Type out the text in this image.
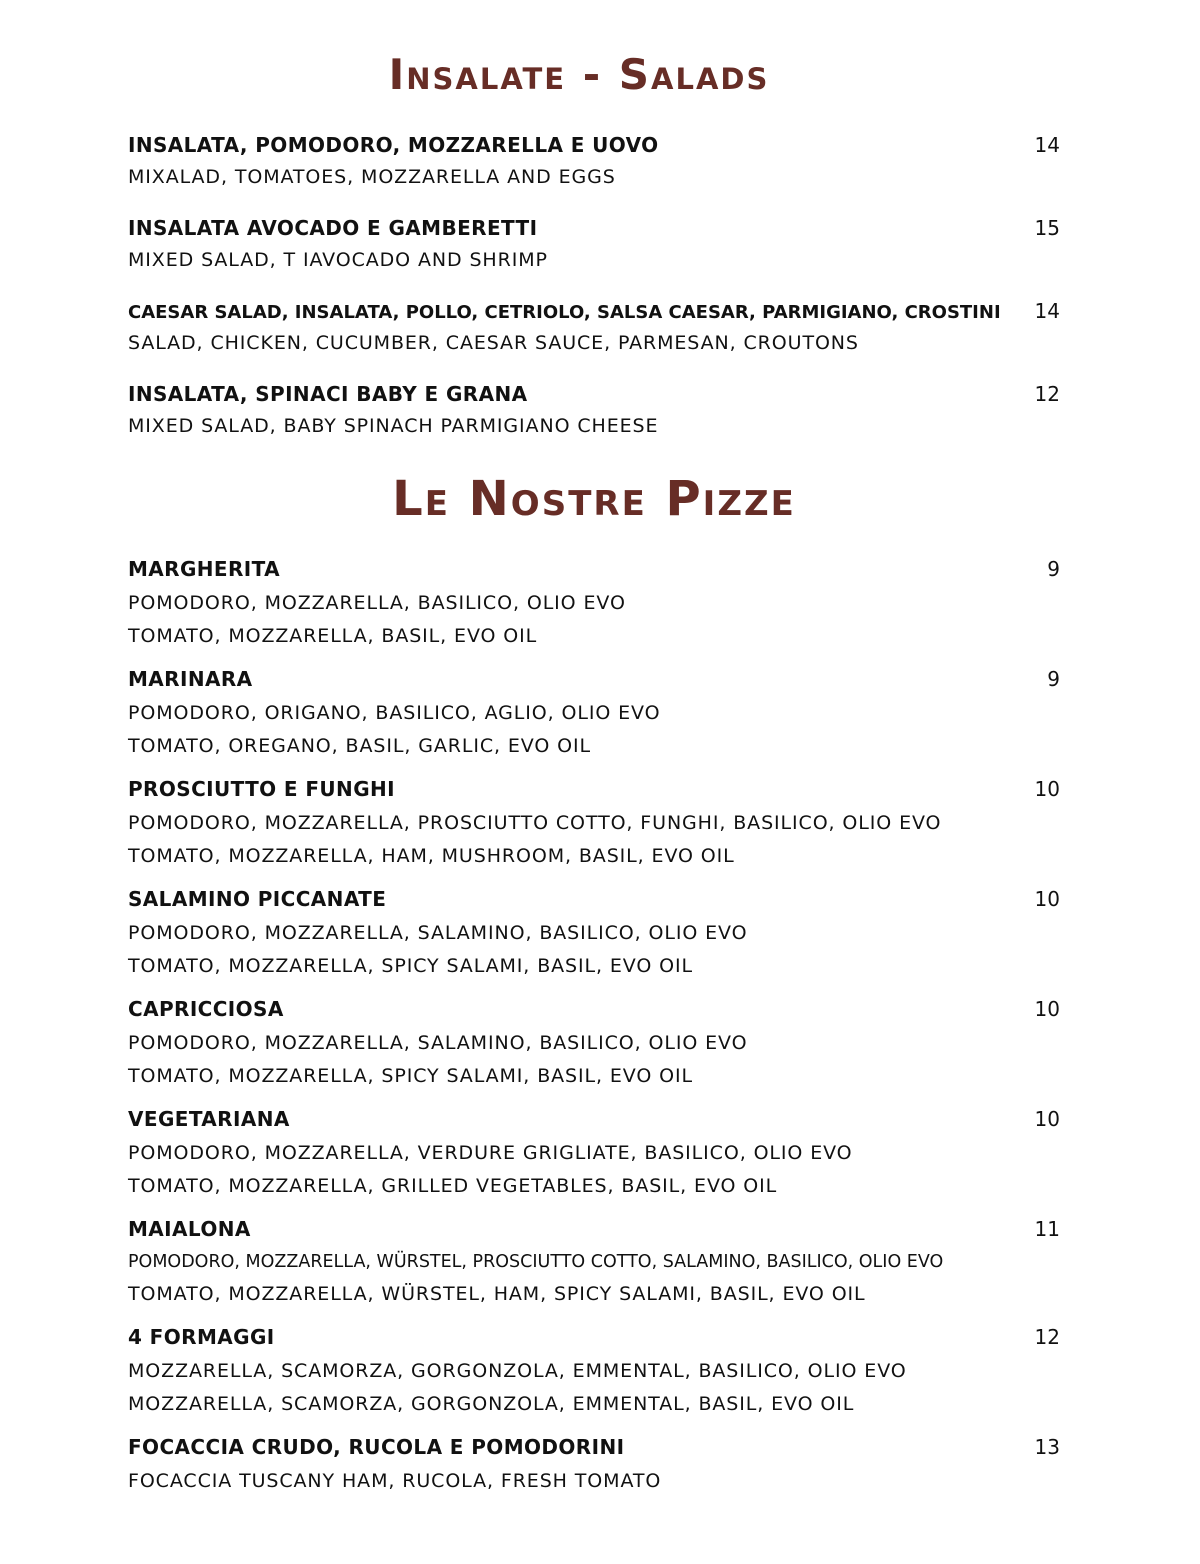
Insalate - Salads
INSALATA, POMODORO, MOZZARELLA E UOVO	14
MIXALAD, TOMATOES, MOZZARELLA AND EGGS
INSALATA AVOCADO E GAMBERETTI	15
MIXED SALAD, T IAVOCADO AND SHRIMP
CAESAR SALAD, INSALATA, POLLO, CETRIOLO, SALSA CAESAR, PARMIGIANO, CROSTINI	14
SALAD, CHICKEN, CUCUMBER, CAESAR SAUCE, PARMESAN, CROUTONS
INSALATA, SPINACI BABY E GRANA	12
MIXED SALAD, BABY SPINACH PARMIGIANO CHEESE
Le Nostre Pizze
MARGHERITA	9
POMODORO, MOZZARELLA, BASILICO, OLIO EVO
TOMATO, MOZZARELLA, BASIL, EVO OIL
MARINARA	9
POMODORO, ORIGANO, BASILICO, AGLIO, OLIO EVO
TOMATO, OREGANO, BASIL, GARLIC, EVO OIL
PROSCIUTTO E FUNGHI	10
POMODORO, MOZZARELLA, PROSCIUTTO COTTO, FUNGHI, BASILICO, OLIO EVO
TOMATO, MOZZARELLA, HAM, MUSHROOM, BASIL, EVO OIL
SALAMINO PICCANATE	10
POMODORO, MOZZARELLA, SALAMINO, BASILICO, OLIO EVO
TOMATO, MOZZARELLA, SPICY SALAMI, BASIL, EVO OIL
CAPRICCIOSA	10
POMODORO, MOZZARELLA, SALAMINO, BASILICO, OLIO EVO
TOMATO, MOZZARELLA, SPICY SALAMI, BASIL, EVO OIL
VEGETARIANA	10
POMODORO, MOZZARELLA, VERDURE GRIGLIATE, BASILICO, OLIO EVO
TOMATO, MOZZARELLA, GRILLED VEGETABLES, BASIL, EVO OIL
MAIALONA	11
POMODORO, MOZZARELLA, WÜRSTEL, PROSCIUTTO COTTO, SALAMINO, BASILICO, OLIO EVO
TOMATO, MOZZARELLA, WÜRSTEL, HAM, SPICY SALAMI, BASIL, EVO OIL
4 FORMAGGI	12
MOZZARELLA, SCAMORZA, GORGONZOLA, EMMENTAL, BASILICO, OLIO EVO
MOZZARELLA, SCAMORZA, GORGONZOLA, EMMENTAL, BASIL, EVO OIL
FOCACCIA CRUDO, RUCOLA E POMODORINI	13
FOCACCIA TUSCANY HAM, RUCOLA, FRESH TOMATO
